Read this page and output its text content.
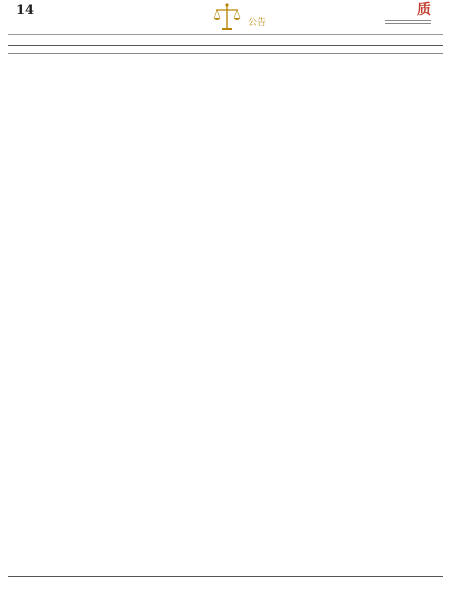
14
公告
质
